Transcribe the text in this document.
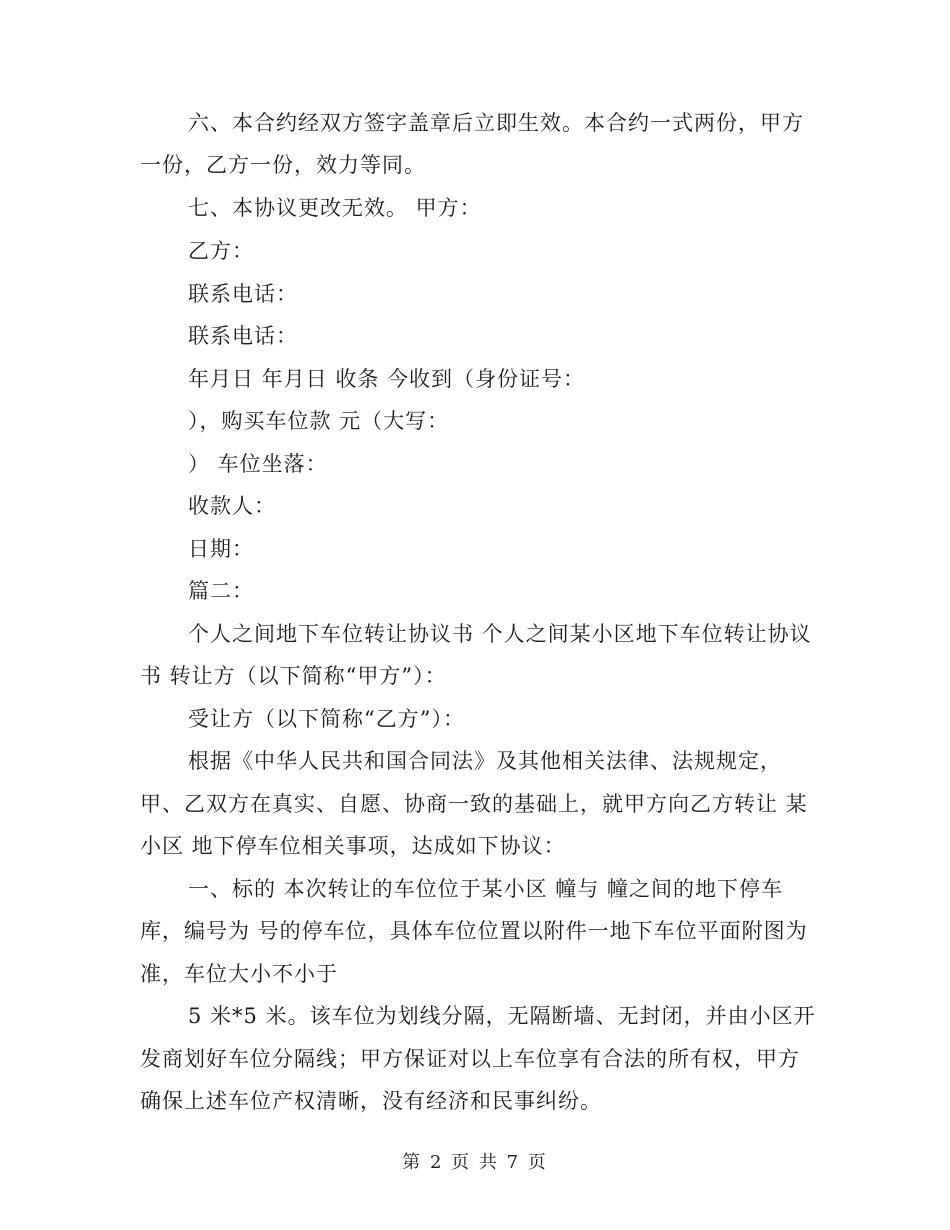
六、本合约经双方签字盖章后立即生效。本合约一式两份，甲方
一份，乙方一份，效力等同。
七、本协议更改无效。 甲方：
乙方：
联系电话：
联系电话：
年月日 年月日 收条 今收到（身份证号：
），购买车位款 元（大写：
） 车位坐落：
收款人：
日期：
篇二：
个人之间地下车位转让协议书 个人之间某小区地下车位转让协议
书 转让方（以下简称“甲方”）：
受让方（以下简称“乙方”）：
根据《中华人民共和国合同法》及其他相关法律、法规规定，
甲、乙双方在真实、自愿、协商一致的基础上，就甲方向乙方转让 某
小区 地下停车位相关事项，达成如下协议：
一、标的 本次转让的车位位于某小区 幢与 幢之间的地下停车
库，编号为 号的停车位，具体车位位置以附件一地下车位平面附图为
准，车位大小不小于
5 米*5 米。该车位为划线分隔，无隔断墙、无封闭，并由小区开
发商划好车位分隔线；甲方保证对以上车位享有合法的所有权，甲方
确保上述车位产权清晰，没有经济和民事纠纷。
第 2 页 共 7 页
